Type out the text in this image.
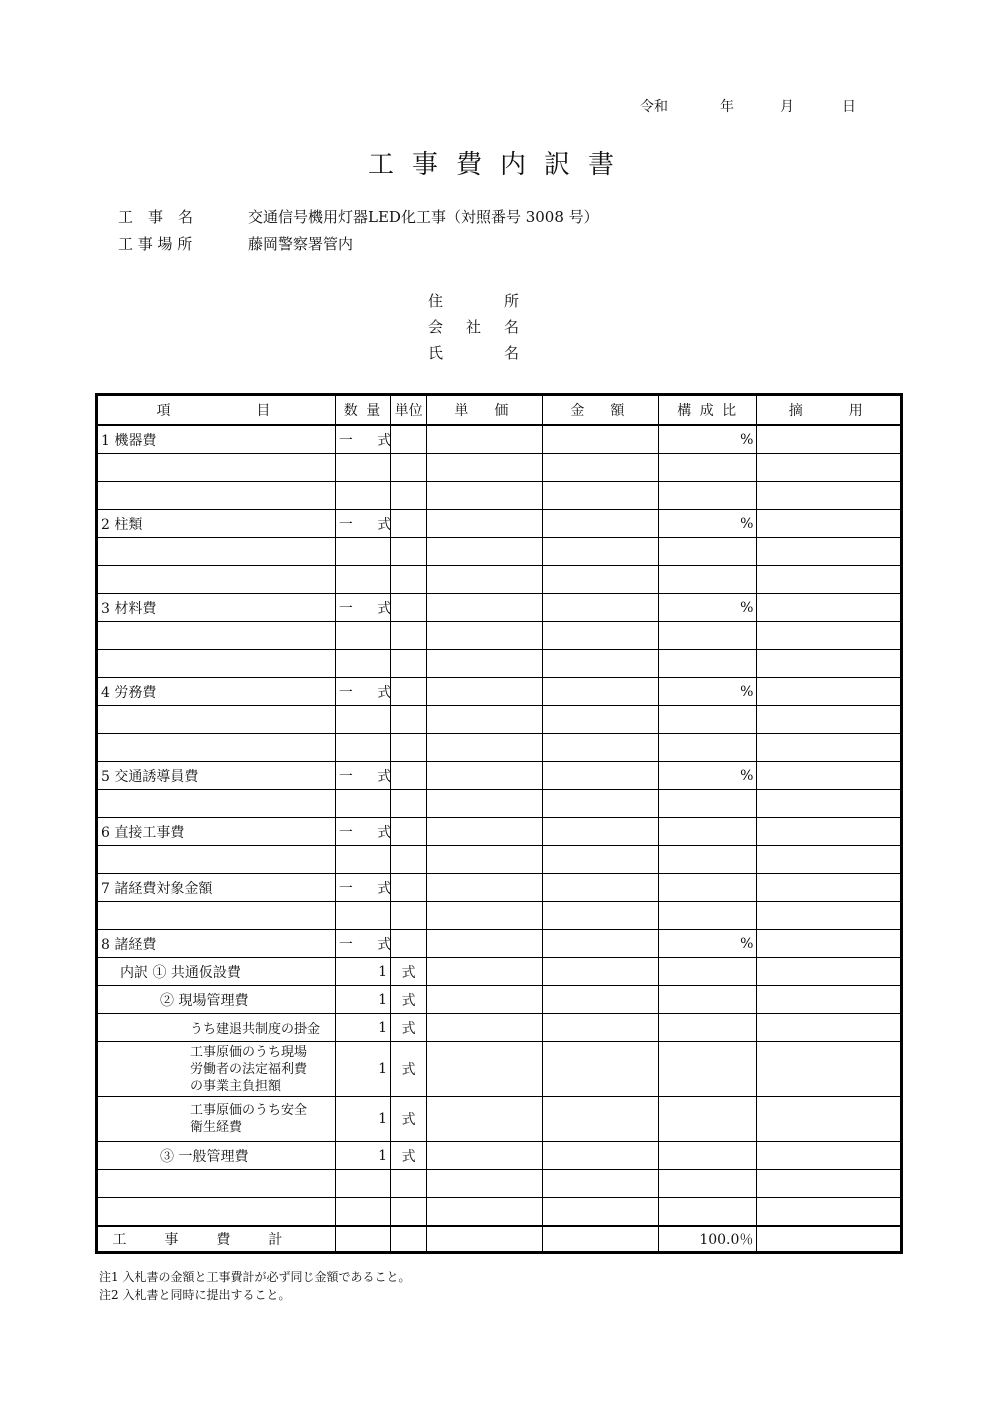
令和	年	月	日
工事費内訳書
工　事　名	交通信号機用灯器LED化工事（対照番号 3008 号）
工 事 場 所	藤岡警察署管内
住	所
会 社 名
氏	名
項　　　　目	数 量	単位	単　価	金　額	構 成 比	摘　　用
1 機器費	一 式				%	

2 柱類	一 式				%	

3 材料費	一 式				%	

4 労務費	一 式				%	

5 交通誘導員費	一 式				%	

6 直接工事費	一 式					

7 諸経費対象金額	一 式					

8 諸経費	一 式				%	
内訳 ① 共通仮設費	1	式				
② 現場管理費	1	式				
うち建退共制度の掛金	1	式				
工事原価のうち現場
労働者の法定福利費
の事業主負担額	1	式				
工事原価のうち安全
衛生経費	1	式				
③ 一般管理費	1	式				

工事費計					100.0％	
注1 入札書の金額と工事費計が必ず同じ金額であること。
注2 入札書と同時に提出すること。
